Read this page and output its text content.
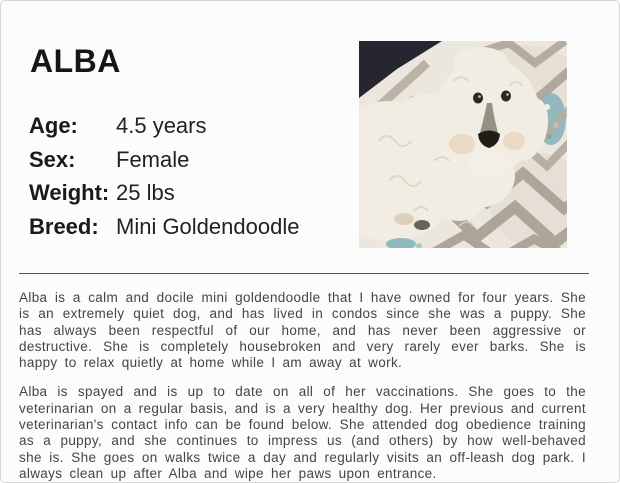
ALBA
Age:	4.5 years
Sex:	Female
Weight: 25 lbs
Breed: Mini Goldendoodle

Alba is a calm and docile mini goldendoodle that I have owned for four years. She is an extremely quiet dog, and has lived in condos since she was a puppy. She has always been respectful of our home, and has never been aggressive or destructive. She is completely housebroken and very rarely ever barks. She is happy to relax quietly at home while I am away at work.

Alba is spayed and is up to date on all of her vaccinations. She goes to the veterinarian on a regular basis, and is a very healthy dog. Her previous and current veterinarian's contact info can be found below. She attended dog obedience training as a puppy, and she continues to impress us (and others) by how well-behaved she is. She goes on walks twice a day and regularly visits an off-leash dog park. I always clean up after Alba and wipe her paws upon entrance.
